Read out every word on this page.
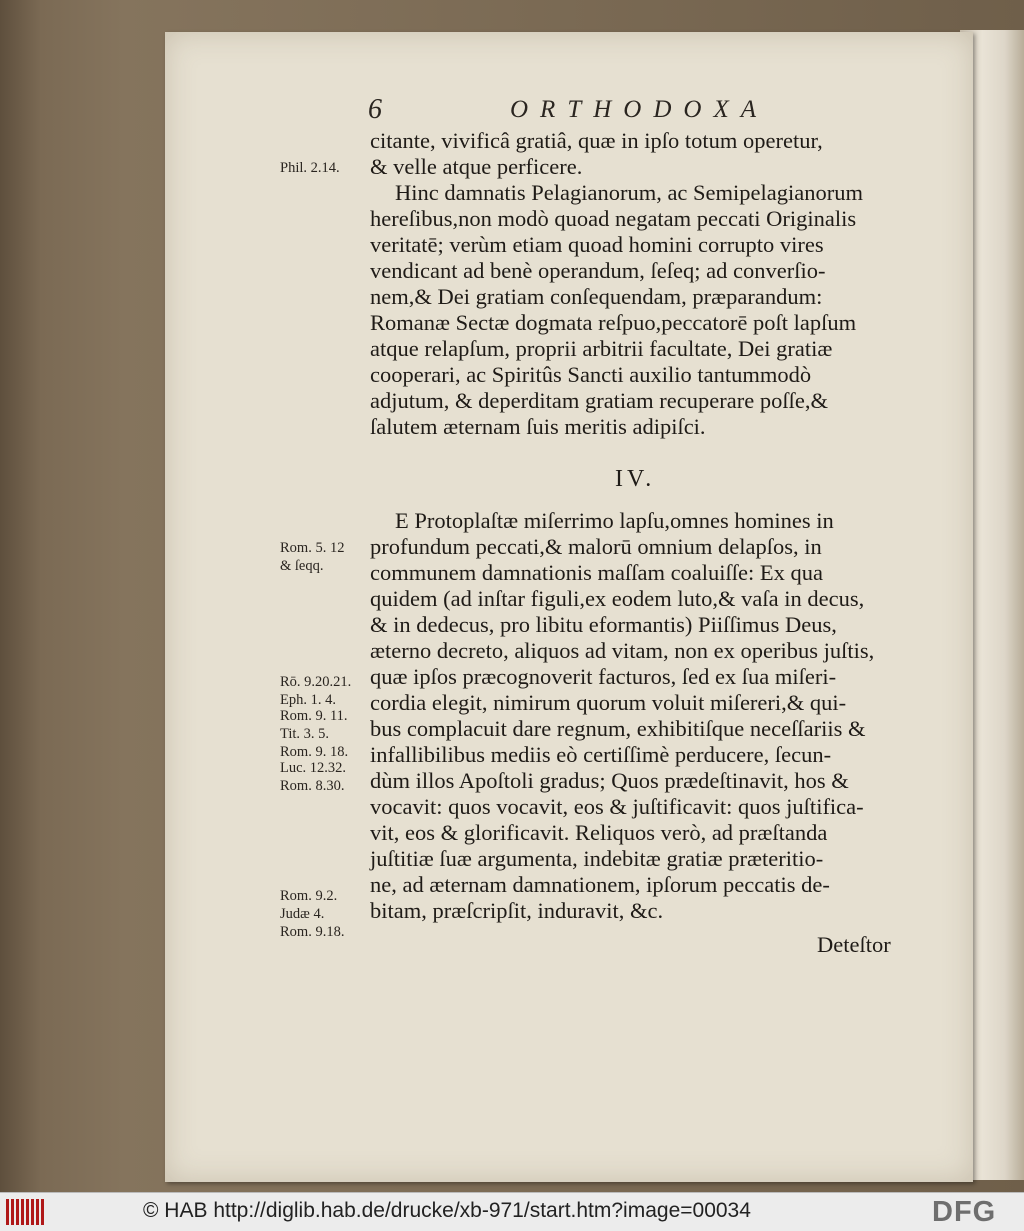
6	ORTHODOXA
citante, vivificâ gratiâ, quæ in ipſo totum operetur,
& velle atque perficere.
Hinc damnatis Pelagianorum, ac Semipelagianorum
hereſibus,non modò quoad negatam peccati Originalis
veritatē; verùm etiam quoad homini corrupto vires
vendicant ad benè operandum, ſeſeq; ad converſio-
nem,& Dei gratiam conſequendam, præparandum:
Romanæ Sectæ dogmata reſpuo,peccatorē poſt lapſum
atque relapſum, proprii arbitrii facultate, Dei gratiæ
cooperari, ac Spiritûs Sancti auxilio tantummodò
adjutum, & deperditam gratiam recuperare poſſe,&
ſalutem æternam ſuis meritis adipiſci.
IV.
E Protoplaſtæ miſerrimo lapſu,omnes homines in
profundum peccati,& malorū omnium delapſos, in
communem damnationis maſſam coaluiſſe: Ex qua
quidem (ad inſtar figuli,ex eodem luto,& vaſa in decus,
& in dedecus, pro libitu eformantis) Piiſſimus Deus,
æterno decreto, aliquos ad vitam, non ex operibus juſtis,
quæ ipſos præcognoverit facturos, ſed ex ſua miſeri-
cordia elegit, nimirum quorum voluit miſereri,& qui-
bus complacuit dare regnum, exhibitiſque neceſſariis &
infallibilibus mediis eò certiſſimè perducere, ſecun-
dùm illos Apoſtoli gradus; Quos prædeſtinavit, hos &
vocavit: quos vocavit, eos & juſtificavit: quos juſtifica-
vit, eos & glorificavit. Reliquos verò, ad præſtanda
juſtitiæ ſuæ argumenta, indebitæ gratiæ præteritio-
ne, ad æternam damnationem, ipſorum peccatis de-
bitam, præſcripſit, induravit, &c.
Deteſtor
Phil. 2.14.
Rom. 5. 12
& ſeqq.
Rō. 9.20.21.
Eph. 1. 4.
Rom. 9. 11.
Tit. 3. 5.
Rom. 9. 18.
Luc. 12.32.
Rom. 8.30.
Rom. 9.2.
Judæ 4.
Rom. 9.18.
© HAB http://diglib.hab.de/drucke/xb-971/start.htm?image=00034	DFG
